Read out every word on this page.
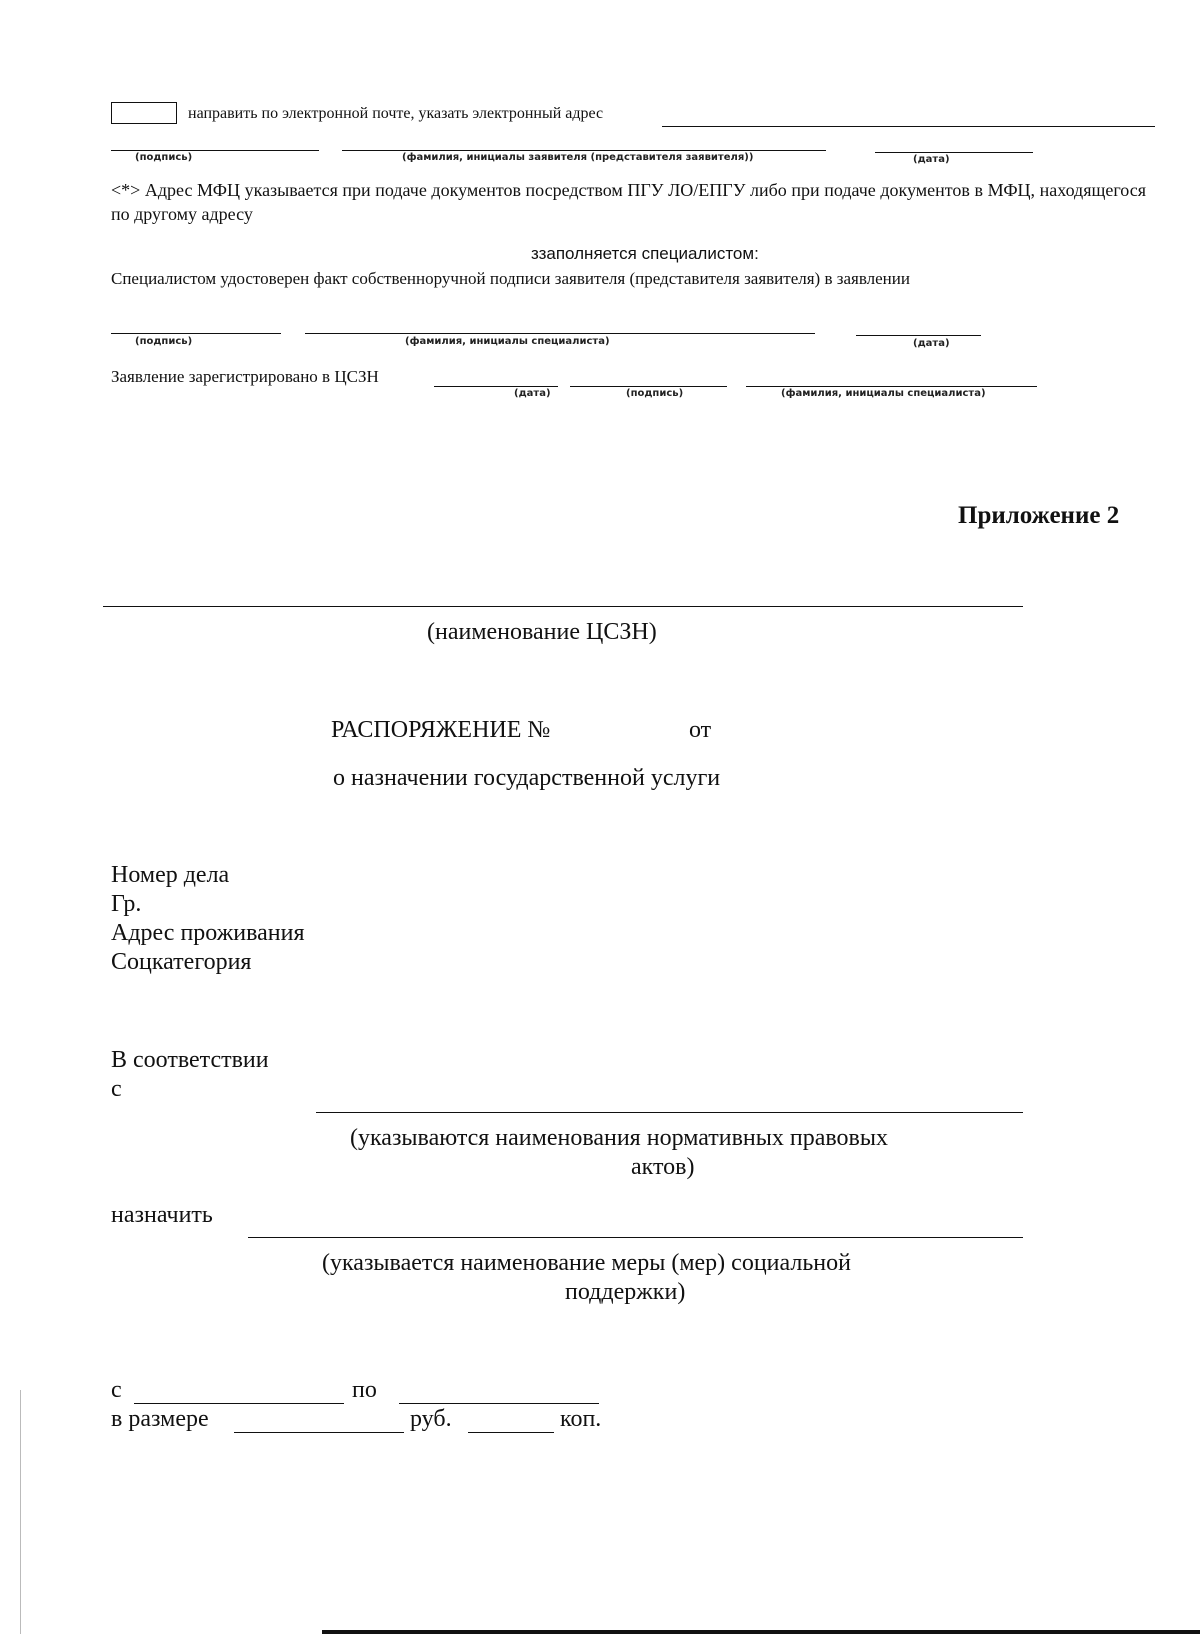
направить по электронной почте, указать электронный адрес
(подпись)	(фамилия, инициалы заявителя (представителя заявителя))	(дата)
<*> Адрес МФЦ указывается при подаче документов посредством ПГУ ЛО/ЕПГУ либо при подаче документов в МФЦ, находящегося по другому адресу
ззаполняется специалистом:
Специалистом удостоверен факт собственноручной подписи заявителя (представителя заявителя) в заявлении
(подпись)	(фамилия, инициалы специалиста)	(дата)
Заявление зарегистрировано в ЦСЗН
(дата)	(подпись)	(фамилия, инициалы специалиста)
Приложение 2
(наименование ЦСЗН)
РАСПОРЯЖЕНИЕ №	от
о назначении государственной услуги
Номер дела
Гр.
Адрес проживания
Соцкатегория
В соответствии
с
(указываются наименования нормативных правовых
актов)
назначить
(указывается наименование меры (мер) социальной
поддержки)
с	по
в размере	руб.	коп.
